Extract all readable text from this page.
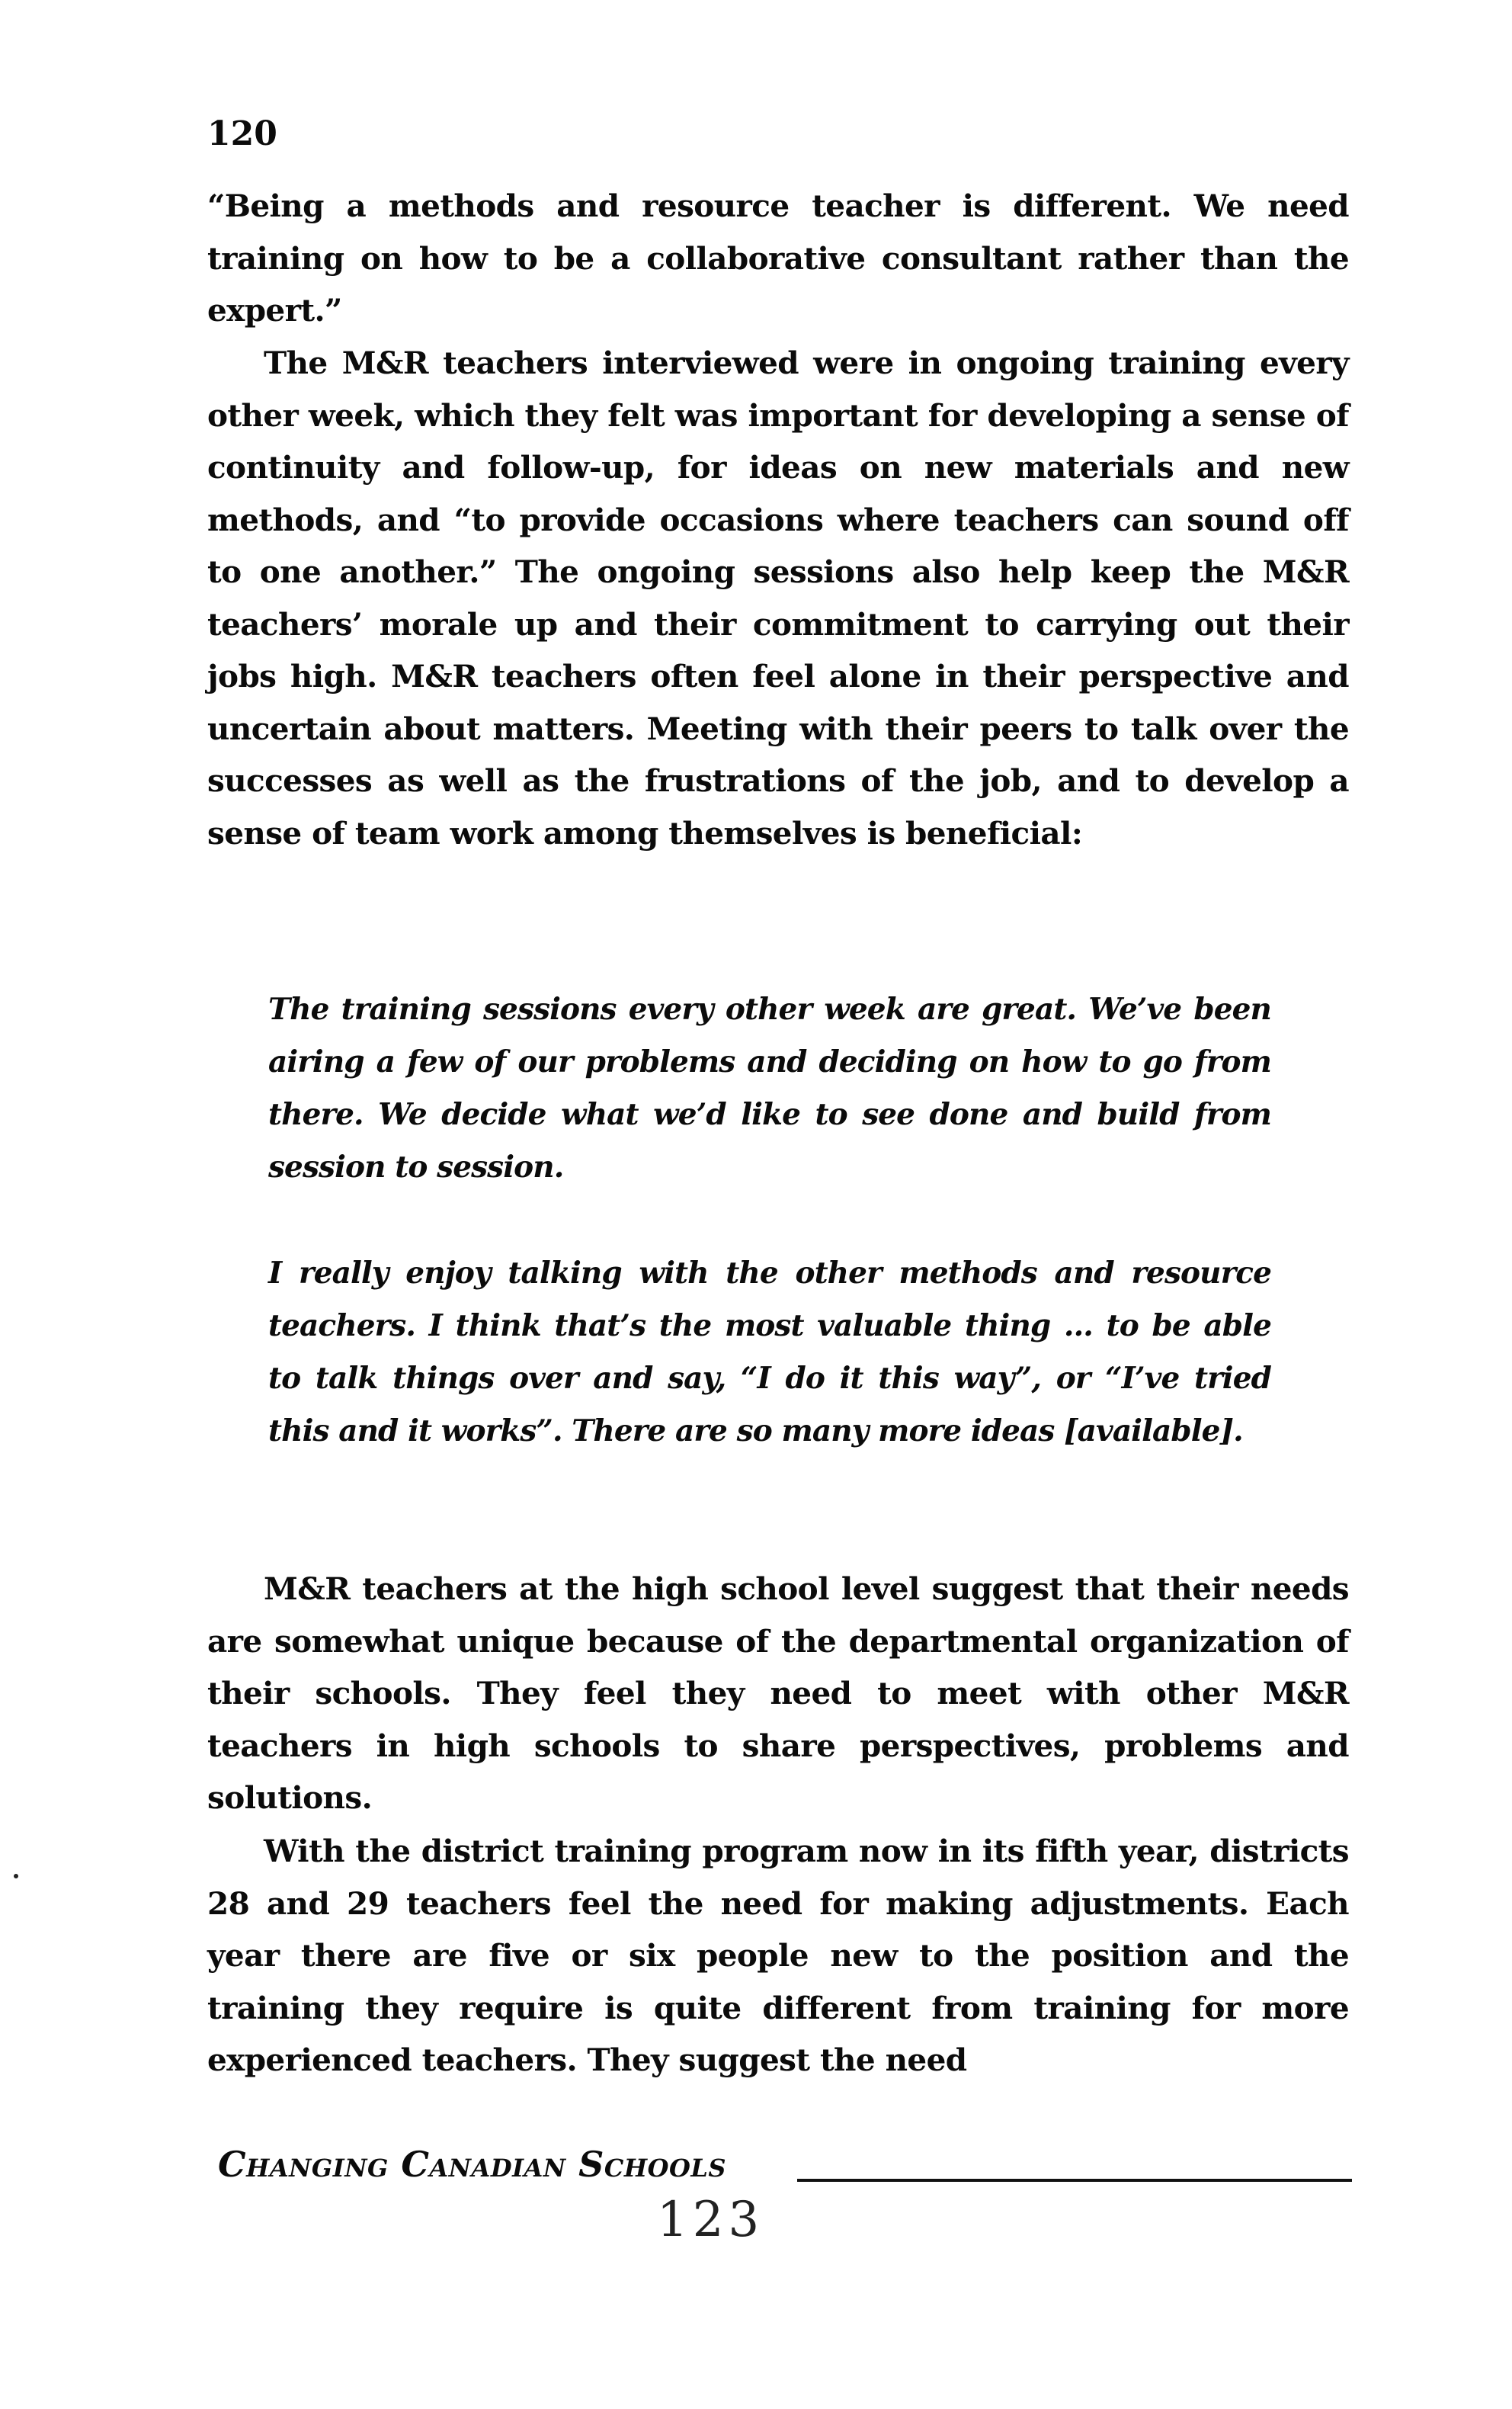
120

“Being a methods and resource teacher is different. We need training on how to be a collaborative consultant rather than the expert.”

The M&R teachers interviewed were in ongoing training every other week, which they felt was important for developing a sense of continuity and follow-up, for ideas on new materials and new methods, and “to provide occasions where teachers can sound off to one another.” The ongoing sessions also help keep the M&R teachers’ morale up and their commitment to carrying out their jobs high. M&R teachers often feel alone in their perspective and uncertain about matters. Meeting with their peers to talk over the successes as well as the frustrations of the job, and to develop a sense of team work among themselves is beneficial:

The training sessions every other week are great. We’ve been airing a few of our problems and deciding on how to go from there. We decide what we’d like to see done and build from session to session.

I really enjoy talking with the other methods and resource teachers. I think that’s the most valuable thing ... to be able to talk things over and say, “I do it this way”, or “I’ve tried this and it works”. There are so many more ideas [available].

M&R teachers at the high school level suggest that their needs are somewhat unique because of the departmental organization of their schools. They feel they need to meet with other M&R teachers in high schools to share perspectives, problems and solutions.

With the district training program now in its fifth year, districts 28 and 29 teachers feel the need for making adjustments. Each year there are five or six people new to the position and the training they require is quite different from training for more experienced teachers. They suggest the need

Changing Canadian Schools
123
